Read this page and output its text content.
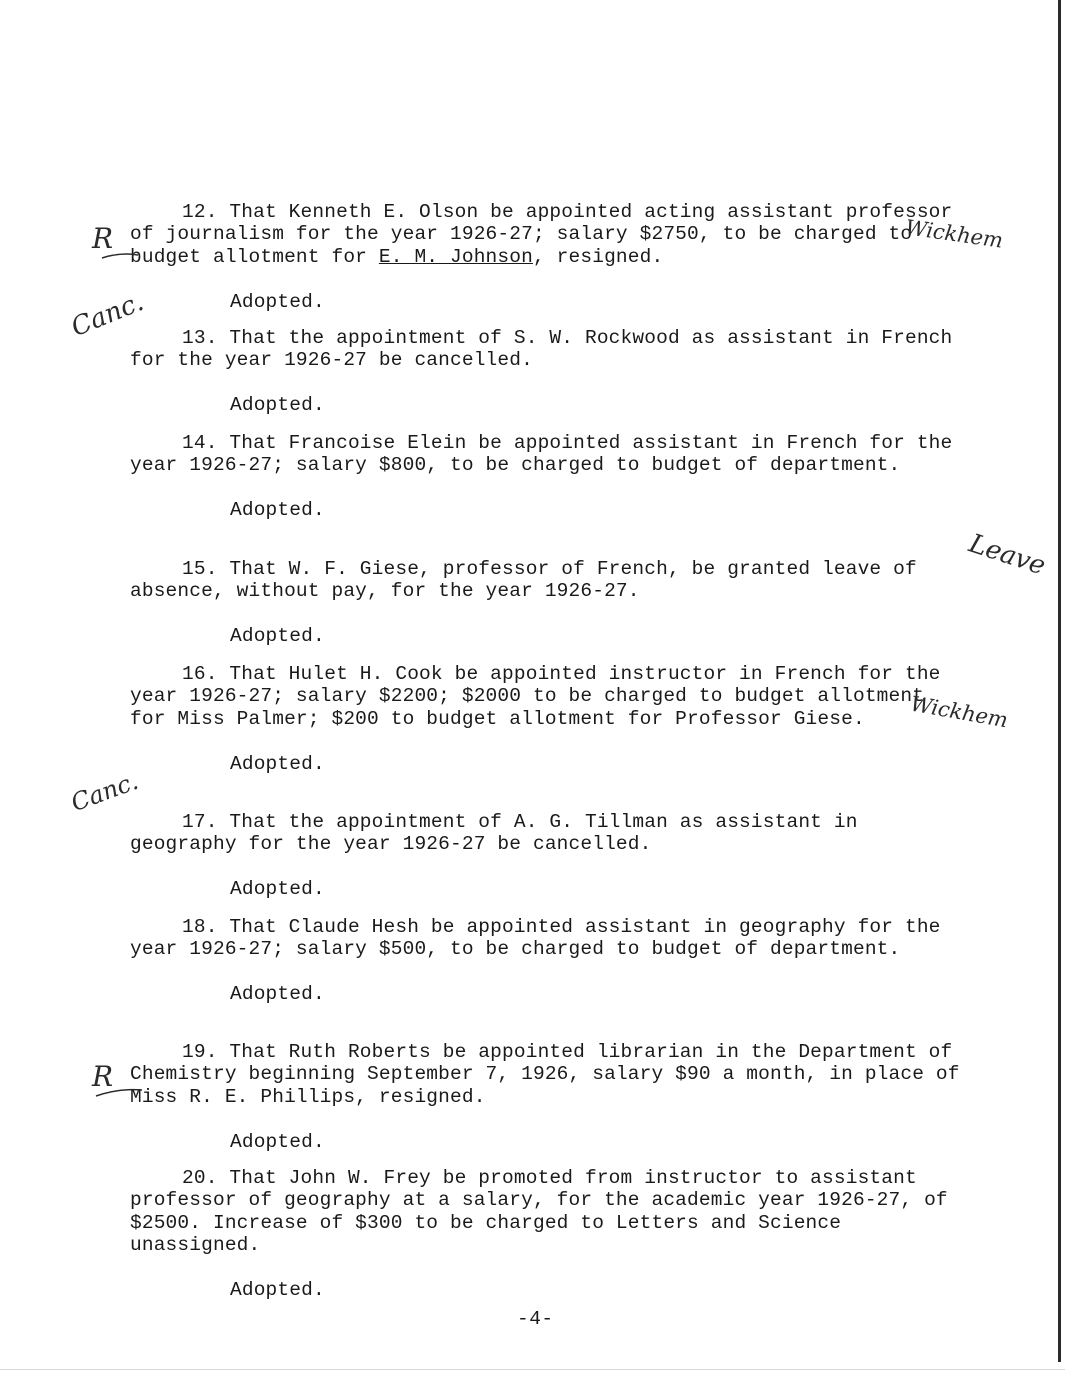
12. That Kenneth E. Olson be appointed acting assistant professor of journalism for the year 1926-27; salary $2750, to be charged to budget allotment for E. M. Johnson, resigned.

Adopted.

13. That the appointment of S. W. Rockwood as assistant in French for the year 1926-27 be cancelled.

Adopted.

14. That Francoise Elein be appointed assistant in French for the year 1926-27; salary $800, to be charged to budget of department.

Adopted.

15. That W. F. Giese, professor of French, be granted leave of absence, without pay, for the year 1926-27.

Adopted.

16. That Hulet H. Cook be appointed instructor in French for the year 1926-27; salary $2200; $2000 to be charged to budget allotment for Miss Palmer; $200 to budget allotment for Professor Giese.

Adopted.

17. That the appointment of A. G. Tillman as assistant in geography for the year 1926-27 be cancelled.

Adopted.

18. That Claude Hesh be appointed assistant in geography for the year 1926-27; salary $500, to be charged to budget of department.

Adopted.

19. That Ruth Roberts be appointed librarian in the Department of Chemistry beginning September 7, 1926, salary $90 a month, in place of Miss R. E. Phillips, resigned.

Adopted.

20. That John W. Frey be promoted from instructor to assistant professor of geography at a salary, for the academic year 1926-27, of $2500. Increase of $300 to be charged to Letters and Science unassigned.

Adopted.

-4-
R	Wickhem
Canc.
Leave
Wickhem
Canc.
R
